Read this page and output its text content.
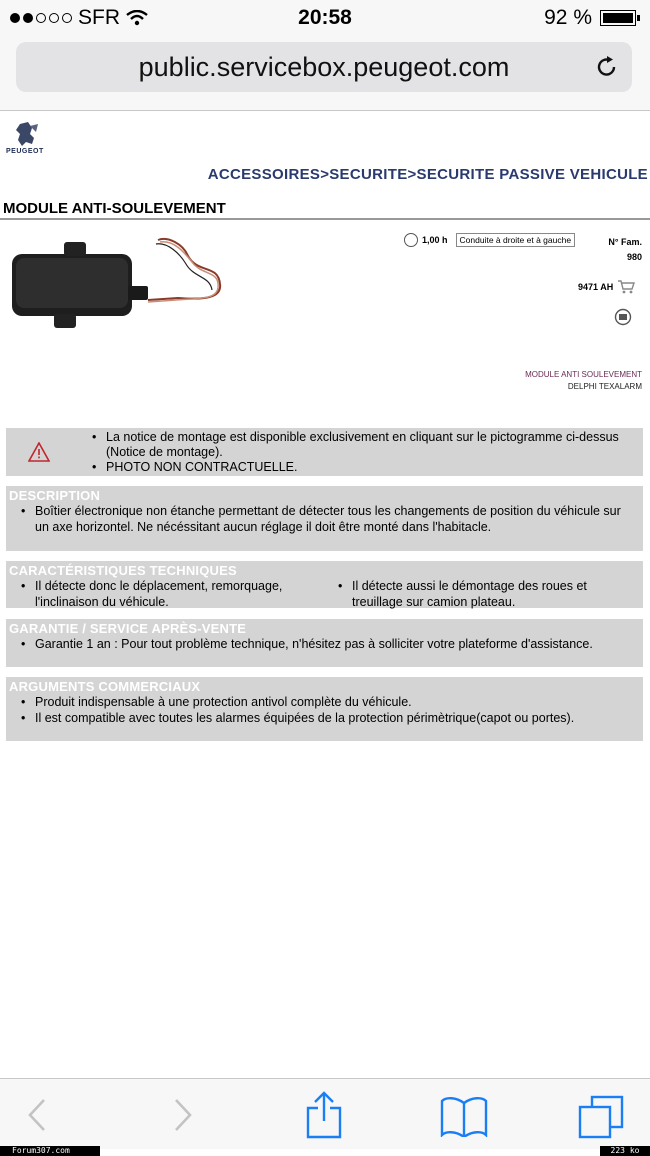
SFR	20:58	92 %
public.servicebox.peugeot.com
PEUGEOT
ACCESSOIRES>SECURITE>SECURITE PASSIVE VEHICULE
MODULE ANTI-SOULEVEMENT
1,00 h	Conduite à droite et à gauche	N° Fam.
980
9471 AH
MODULE ANTI SOULEVEMENT
DELPHI TEXALARM
• La notice de montage est disponible exclusivement en cliquant sur le pictogramme ci-dessus (Notice de montage).
• PHOTO NON CONTRACTUELLE.
DESCRIPTION
• Boîtier électronique non étanche permettant de détecter tous les changements de position du véhicule sur un axe horizontel. Ne nécéssitant aucun réglage il doit être monté dans l'habitacle.
CARACTÉRISTIQUES TECHNIQUES
• Il détecte donc le déplacement, remorquage, l'inclinaison du véhicule.
• Il détecte aussi le démontage des roues et treuillage sur camion plateau.
GARANTIE / SERVICE APRÈS-VENTE
• Garantie 1 an : Pour tout problème technique, n'hésitez pas à solliciter votre plateforme d'assistance.
ARGUMENTS COMMERCIAUX
• Produit indispensable à une protection antivol complète du véhicule.
• Il est compatible avec toutes les alarmes équipées de la protection périmètrique(capot ou portes).
Forum307.com	223 ko
